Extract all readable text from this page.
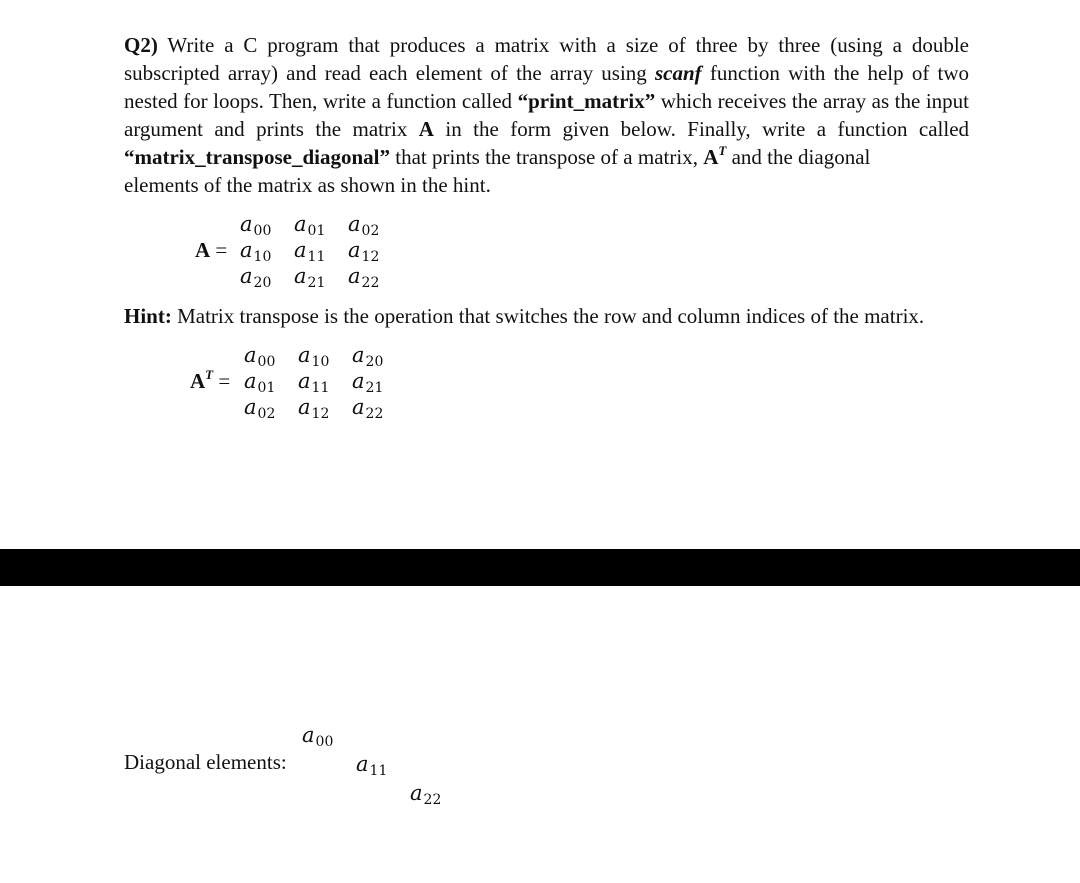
Q2) Write a C program that produces a matrix with a size of three by three (using a double subscripted array) and read each element of the array using scanf function with the help of two nested for loops. Then, write a function called “print_matrix” which receives the array as the input argument and prints the matrix A in the form given below. Finally, write a function called “matrix_transpose_diagonal” that prints the transpose of a matrix, $A^T$ and the diagonal
elements of the matrix as shown in the hint.
A =
a00 a01 a02
a10 a11 a12
a20 a21 a22
Hint: Matrix transpose is the operation that switches the row and column indices of the matrix.
$A^T$ =
a00 a10 a20
a01 a11 a21
a02 a12 a22
Diagonal elements:
a00
a11
a22
